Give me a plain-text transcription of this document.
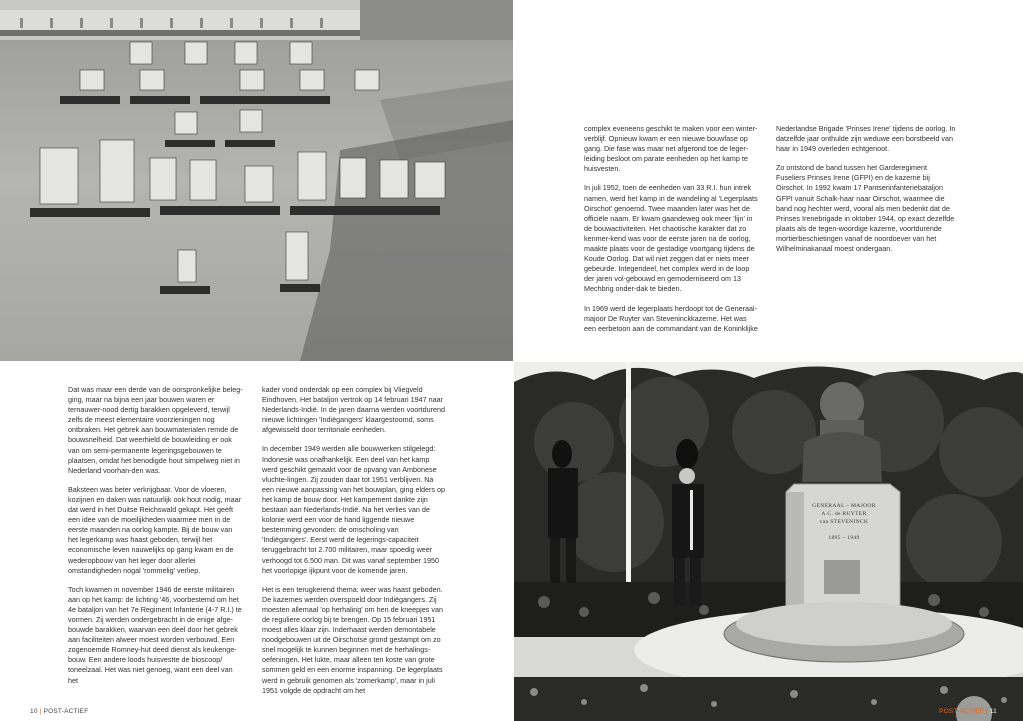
GENERAAL – MAJOOR
A.C. de RUYTER
van STEVENINCK
1895 – 1949

complex eveneens geschikt te maken voor een winter-verblijf. Opnieuw kwam er een nieuwe bouwfase op gang. Die fase was maar net afgerond toe de leger-leiding besloot om parate eenheden op het kamp te huisvesten.

In juli 1952, toen de eenheden van 33 R.I. hun intrek namen, werd het kamp in de wandeling al 'Legerplaats Oirschot' genoemd. Twee maanden later was het de officiële naam. Er kwam gaandeweg ook meer 'lijn' in de bouwactiviteiten. Het chaotische karakter dat zo kenmer-kend was voor de eerste jaren na de oorlog, maakte plaats voor de gestadige voortgang tijdens de Koude Oorlog. Dat wil niet zeggen dat er niets meer gebeurde. Integendeel, het complex werd in de loop der jaren vol-gebouwd en gemoderniseerd om 13 Mechbrig onder-dak te bieden.

In 1969 werd de legerplaats herdoopt tot de Generaal-majoor De Ruyter van Steveninckkazerne. Het was een eerbetoon aan de commandant van de Koninklijke

Nederlandse Brigade 'Prinses Irene' tijdens de oorlog. In datzelfde jaar onthulde zijn weduwe een borstbeeld van haar in 1949 overleden echtgenoot.

Zo ontstond de band tussen het Garderegiment Fuseliers Prinses Irene (GFPI) en de kazerne bij Oirschot. In 1992 kwam 17 Pantserinfanteriebataljon GFPI vanuit Schalk-haar naar Oirschot, waarmee die band nog hechter werd, vooral als men bedenkt dat de Prinses Irenebrigade in oktober 1944, op exact dezelfde plaats als de tegen-woordige kazerne, voortdurende mortierbeschietingen vanaf de noordoever van het Wilhelminakanaal moest ondergaan.

Dat was maar een derde van de oorspronkelijke beleg-ging, maar na bijna een jaar bouwen waren er ternauwer-nood dertig barakken opgeleverd, terwijl zelfs de meest elementaire voorzieningen nog ontbraken. Het gebrek aan bouwmaterialen remde de bouwsnelheid. Dat weerhield de bouwleiding er ook van om semi-permanente legeringsgebouwen te plaatsen, omdat het benodigde hout simpelweg niet in Nederland voorhan-den was.

Baksteen was beter verkrijgbaar. Voor de vloeren, kozijnen en daken was natuurlijk ook hout nodig, maar dat werd in het Duitse Reichswald gekapt. Het geeft een idee van de moeilijkheden waarmee men in de eerste maanden na oorlog kampte. Bij de bouw van het legerkamp was haast geboden, terwijl het economische leven nauwelijks op gang kwam en de wederopbouw van het leger door allerlei omstandigheden nogal 'rommelig' verliep.

Toch kwamen in november 1946 de eerste militairen aan op het kamp: de lichting '46, voorbestemd om het 4e bataljon van het 7e Regiment Infanterie (4-7 R.I.) te vormen. Zij werden ondergebracht in de enige afge-bouwde barakken, waarvan een deel door het gebrek aan faciliteiten alweer moest worden verbouwd. Een zogenoemde Romney-hut deed dienst als keukenge-bouw. Een andere loods huisvestte de bioscoop/ toneelzaal. Het was niet genoeg, want een deel van het

kader vond onderdak op een complex bij Vliegveld Eindhoven. Het bataljon vertrok op 14 februari 1947 naar Nederlands-Indië. In de jaren daarna werden voortdurend nieuwe lichtingen 'Indiëgangers' klaargestoomd, soms afgewisseld door territoriale eenheden.

In december 1949 werden alle bouwwerken stilgelegd: Indonesië was onafhankelijk. Een deel van het kamp werd geschikt gemaakt voor de opvang van Ambonese vluchte-lingen. Zij zouden daar tot 1951 verblijven. Na een nieuwe aanpassing van het bouwplan, ging elders op het kamp de bouw door. Het kampement dankte zijn bestaan aan Nederlands-Indië. Na het verlies van de kolonie werd een voor de hand liggende nieuwe bestemming gevonden: de omscholing van 'Indiëgangers'. Eerst werd de legerings-capaciteit teruggebracht tot 2.700 militairen, maar spoedig weer verhoogd tot 6.500 man. Dit was vanaf september 1950 het voorlopige ijkpunt voor de komende jaren.

Het is een terugkerend thema: weer was haast geboden. De kazernes werden overspoeld door Indiëgangers. Zij moesten allemaal 'op herhaling' om hen de kneepjes van de reguliere oorlog bij te brengen. Op 15 februari 1951 moest alles klaar zijn. Inderhaast werden demontabele noodgebouwen uit de Oirschotse grond gestampt om zo snel mogelijk te kunnen beginnen met de herhalings-oefeningen. Het lukte, maar alleen ten koste van grote sommen geld en een enorme inspanning. De legerplaats werd in gebruik genomen als 'zomerkamp', maar in juli 1951 volgde de opdracht om het

10 | POST-ACTIEF	POST-ACTIEF | 11
